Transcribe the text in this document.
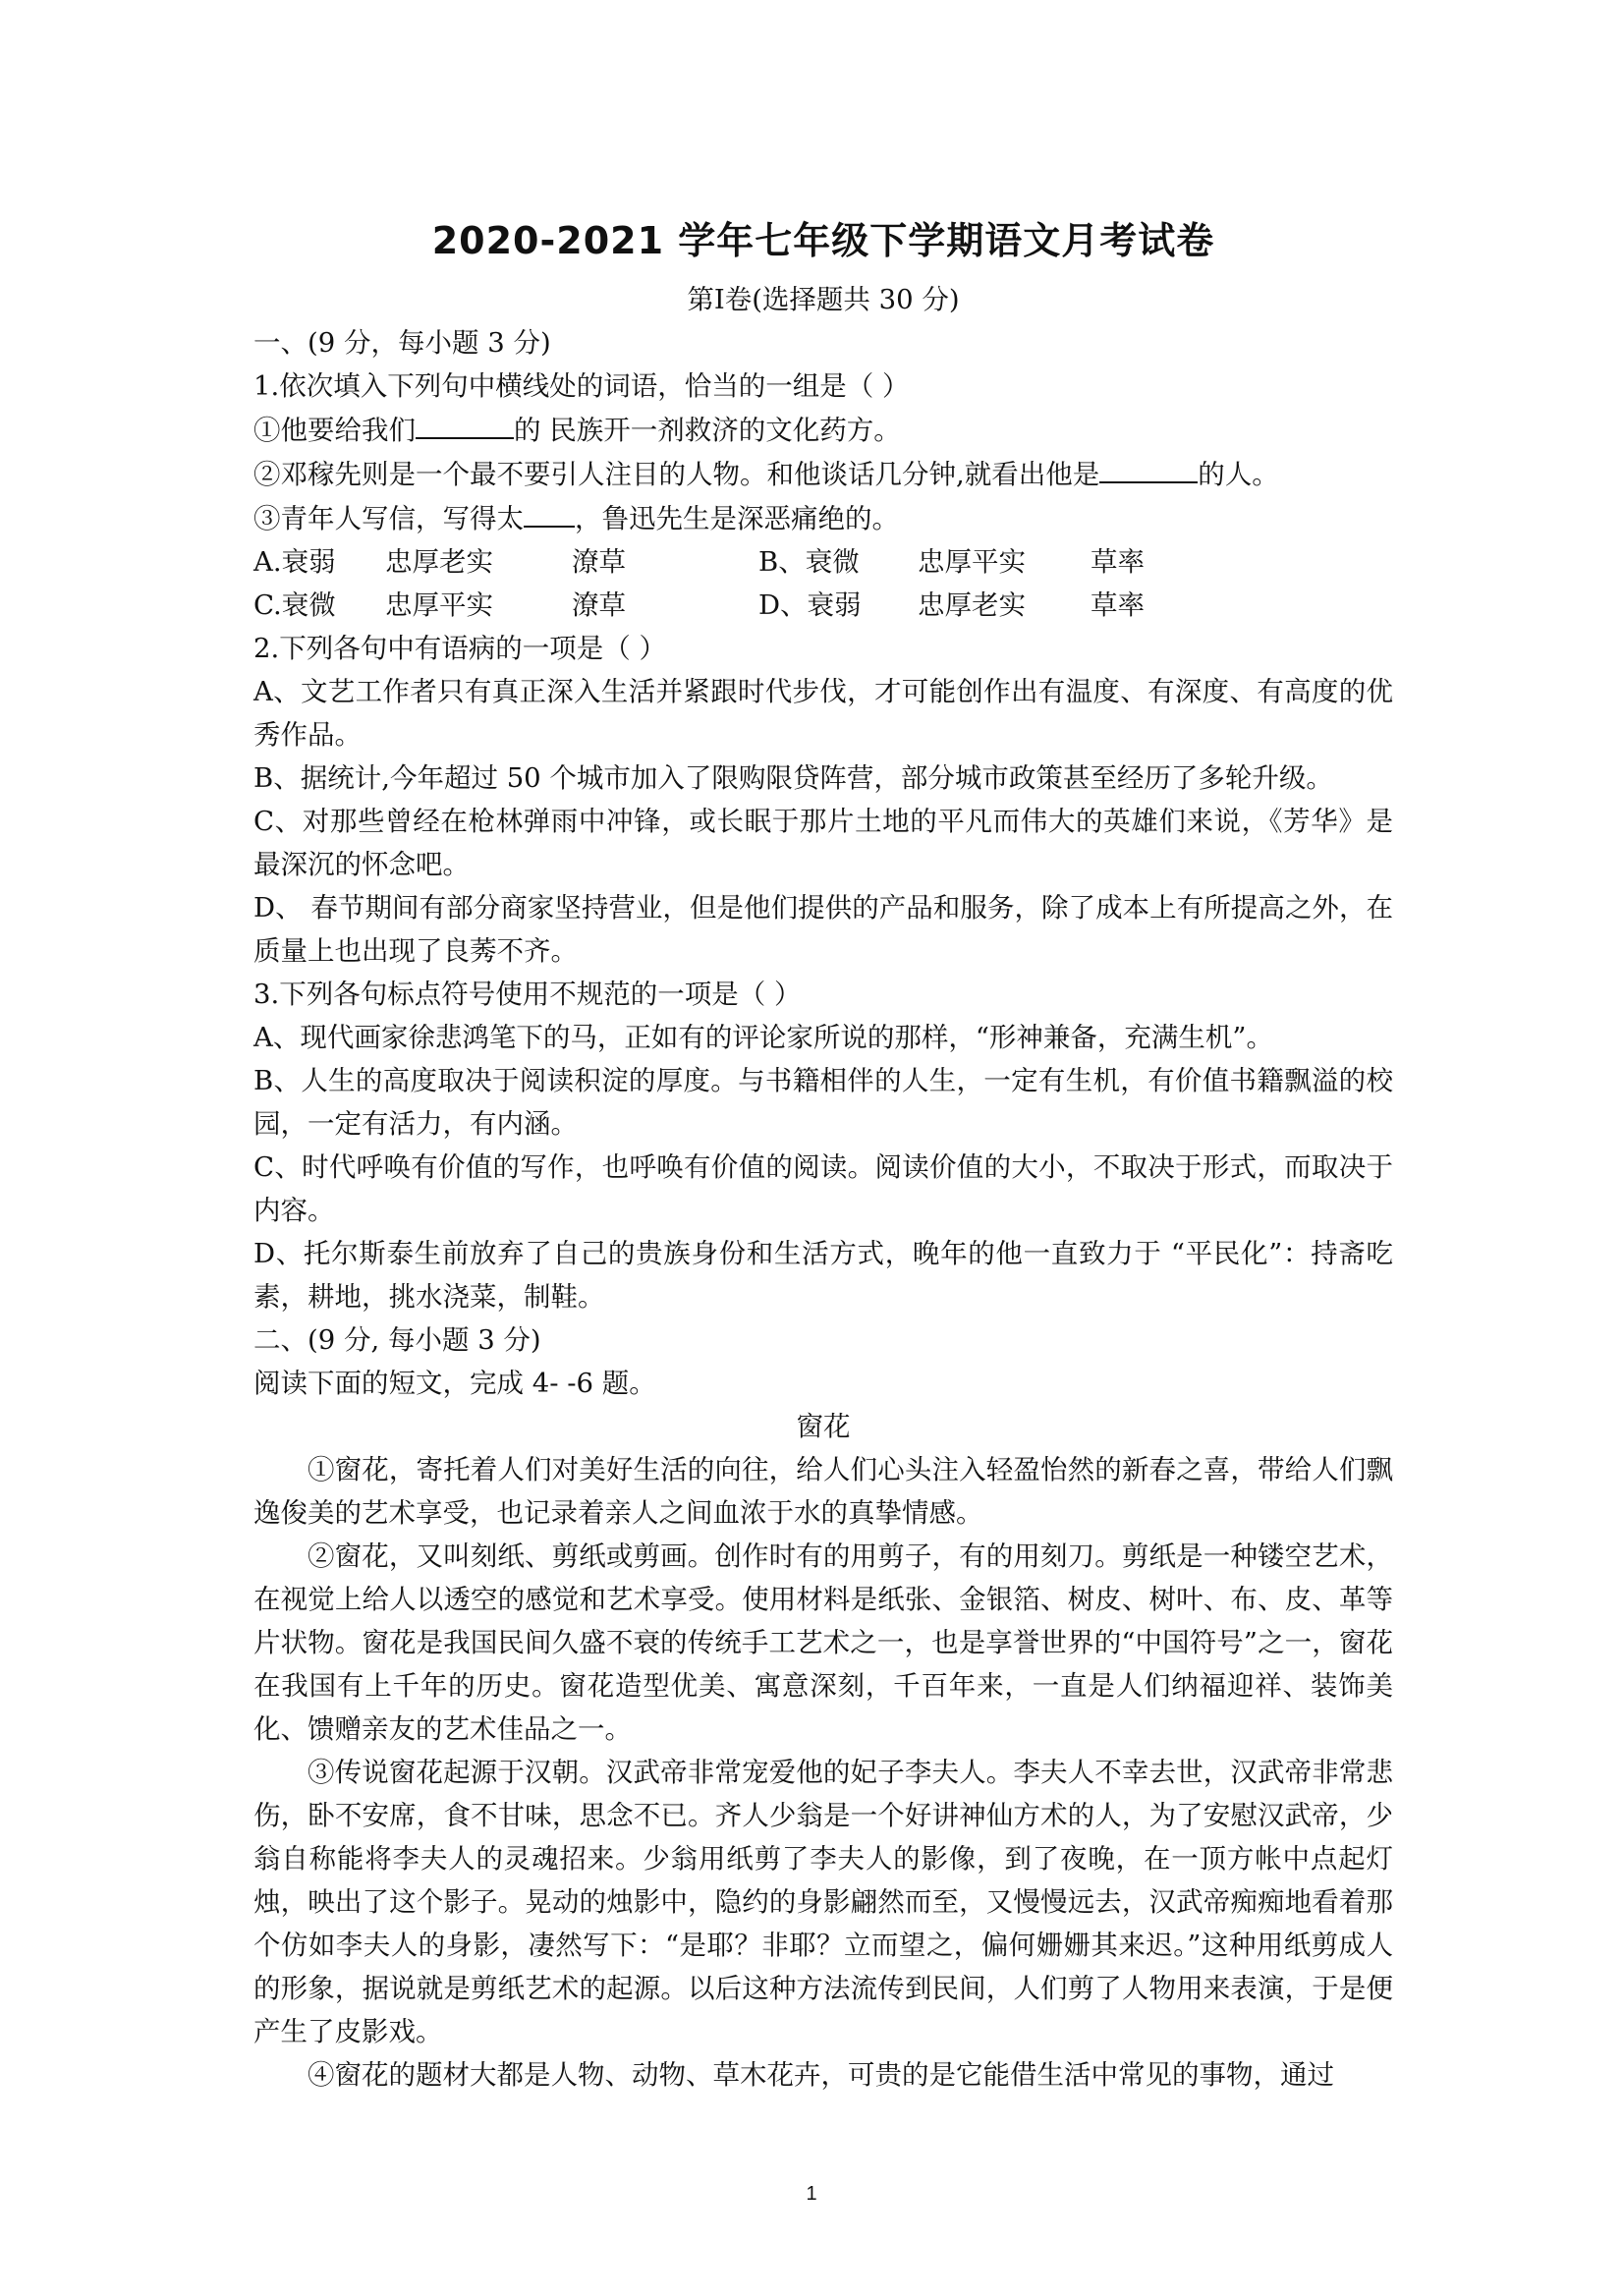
2020-2021 学年七年级下学期语文月考试卷

第Ⅰ卷(选择题共 30 分)

一、(9 分，每小题 3 分)

1.依次填入下列句中横线处的词语，恰当的一组是（ ）

①他要给我们	的 民族开一剂救济的文化药方。

②邓稼先则是一个最不要引人注目的人物。和他谈话几分钟,就看出他是	的人。

③青年人写信，写得太 ，鲁迅先生是深恶痛绝的。

A.衰弱	忠厚老实	潦草	B、衰微	忠厚平实	草率
C.衰微	忠厚平实	潦草	D、衰弱	忠厚老实	草率

2.下列各句中有语病的一项是（ ）

A、文艺工作者只有真正深入生活并紧跟时代步伐，才可能创作出有温度、有深度、有高度的优秀作品。

B、据统计,今年超过 50 个城市加入了限购限贷阵营，部分城市政策甚至经历了多轮升级。

C、对那些曾经在枪林弹雨中冲锋，或长眠于那片土地的平凡而伟大的英雄们来说，《芳华》是最深沉的怀念吧。

D、 春节期间有部分商家坚持营业，但是他们提供的产品和服务，除了成本上有所提高之外，在质量上也出现了良莠不齐。

3.下列各句标点符号使用不规范的一项是（ ）

A、现代画家徐悲鸿笔下的马，正如有的评论家所说的那样，“形神兼备，充满生机”。

B、人生的高度取决于阅读积淀的厚度。与书籍相伴的人生，一定有生机，有价值书籍飘溢的校园，一定有活力，有内涵。

C、时代呼唤有价值的写作，也呼唤有价值的阅读。阅读价值的大小，不取决于形式，而取决于内容。

D、托尔斯泰生前放弃了自己的贵族身份和生活方式，晚年的他一直致力于 “平民化”：持斋吃素，耕地，挑水浇菜，制鞋。

二、(9 分, 每小题 3 分)

阅读下面的短文，完成 4- -6 题。

窗花

①窗花，寄托着人们对美好生活的向往，给人们心头注入轻盈怡然的新春之喜，带给人们飘逸俊美的艺术享受，也记录着亲人之间血浓于水的真挚情感。

②窗花，又叫刻纸、剪纸或剪画。创作时有的用剪子，有的用刻刀。剪纸是一种镂空艺术，在视觉上给人以透空的感觉和艺术享受。使用材料是纸张、金银箔、树皮、树叶、布、皮、革等片状物。窗花是我国民间久盛不衰的传统手工艺术之一，也是享誉世界的“中国符号”之一，窗花在我国有上千年的历史。窗花造型优美、寓意深刻，千百年来，一直是人们纳福迎祥、装饰美化、馈赠亲友的艺术佳品之一。

③传说窗花起源于汉朝。汉武帝非常宠爱他的妃子李夫人。李夫人不幸去世，汉武帝非常悲伤，卧不安席，食不甘味，思念不已。齐人少翁是一个好讲神仙方术的人，为了安慰汉武帝，少翁自称能将李夫人的灵魂招来。少翁用纸剪了李夫人的影像，到了夜晚，在一顶方帐中点起灯烛，映出了这个影子。晃动的烛影中，隐约的身影翩然而至，又慢慢远去，汉武帝痴痴地看着那个仿如李夫人的身影，凄然写下：“是耶？非耶？立而望之，偏何姗姗其来迟。”这种用纸剪成人的形象，据说就是剪纸艺术的起源。以后这种方法流传到民间，人们剪了人物用来表演，于是便产生了皮影戏。

④窗花的题材大都是人物、动物、草木花卉，可贵的是它能借生活中常见的事物，通过

1
